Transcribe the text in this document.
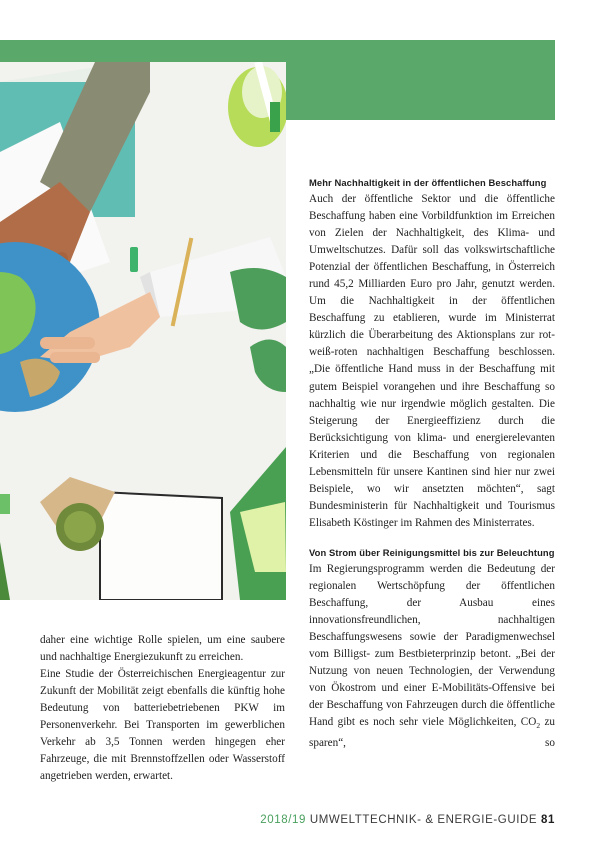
Mehr Nachhaltigkeit in der öffentlichen Beschaffung

Auch der öffentliche Sektor und die öffentliche Beschaffung haben eine Vorbildfunktion im Erreichen von Zielen der Nachhaltigkeit, des Klima- und Umweltschutzes. Dafür soll das volkswirtschaftliche Potenzial der öffentlichen Beschaffung, in Österreich rund 45,2 Milliarden Euro pro Jahr, genutzt werden. Um die Nachhaltigkeit in der öffentlichen Beschaffung zu etablieren, wurde im Ministerrat kürzlich die Überarbeitung des Aktionsplans zur rot-weiß-roten nachhaltigen Beschaffung beschlossen. „Die öffentliche Hand muss in der Beschaffung mit gutem Beispiel vorangehen und ihre Beschaffung so nachhaltig wie nur irgendwie möglich gestalten. Die Steigerung der Energieeffizienz durch die Berücksichtigung von klima- und energierelevanten Kriterien und die Beschaffung von regionalen Lebensmitteln für unsere Kantinen sind hier nur zwei Beispiele, wo wir ansetzten möchten“, sagt Bundesministerin für Nachhaltigkeit und Tourismus Elisabeth Köstinger im Rahmen des Ministerrates.

Von Strom über Reinigungsmittel bis zur Beleuchtung

Im Regierungsprogramm werden die Bedeutung der regionalen Wertschöpfung der öffentlichen Beschaffung, der Ausbau eines innovationsfreundlichen, nachhaltigen Beschaffungswesens sowie der Paradigmenwechsel vom Billigst- zum Bestbieterprinzip betont. „Bei der Nutzung von neuen Technologien, der Verwendung von Ökostrom und einer E-Mobilitäts-Offensive bei der Beschaffung von Fahrzeugen durch die öffentliche Hand gibt es noch sehr viele Möglichkeiten, $CO_2$ zu sparen“, so

daher eine wichtige Rolle spielen, um eine saubere und nachhaltige Energiezukunft zu erreichen.

Eine Studie der Österreichischen Energieagentur zur Zukunft der Mobilität zeigt ebenfalls die künftig hohe Bedeutung von batteriebetriebenen PKW im Personenverkehr. Bei Transporten im gewerblichen Verkehr ab 3,5 Tonnen werden hingegen eher Fahrzeuge, die mit Brennstoffzellen oder Wasserstoff angetrieben werden, erwartet.

2018/19 UMWELTTECHNIK- & ENERGIE-GUIDE 81
